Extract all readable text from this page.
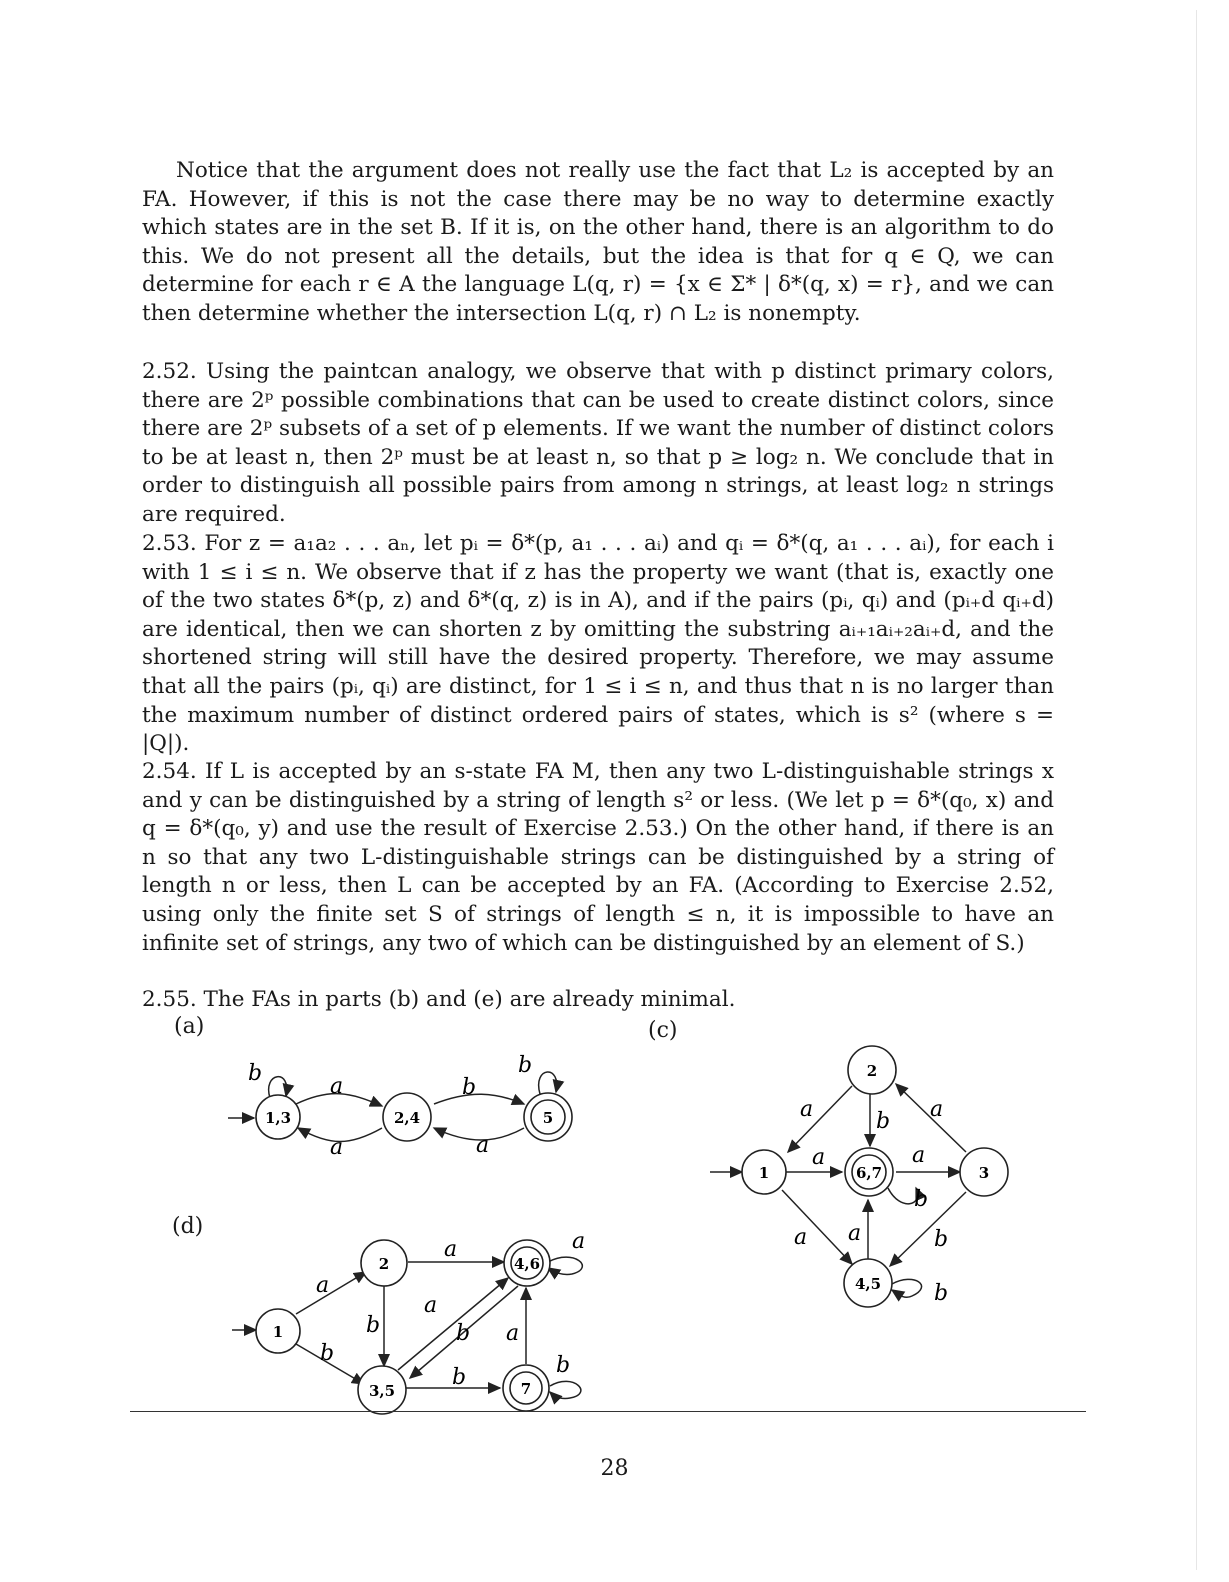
Notice that the argument does not really use the fact that L₂ is accepted by an FA. However, if this is not the case there may be no way to determine exactly which states are in the set B. If it is, on the other hand, there is an algorithm to do this. We do not present all the details, but the idea is that for q ∈ Q, we can determine for each r ∈ A the language L(q, r) = {x ∈ Σ* | δ*(q, x) = r}, and we can then determine whether the intersection L(q, r) ∩ L₂ is nonempty.

2.52. Using the paintcan analogy, we observe that with p distinct primary colors, there are 2ᵖ possible combinations that can be used to create distinct colors, since there are 2ᵖ subsets of a set of p elements. If we want the number of distinct colors to be at least n, then 2ᵖ must be at least n, so that p ≥ log₂ n. We conclude that in order to distinguish all possible pairs from among n strings, at least log₂ n strings are required.

2.53. For z = a₁a₂ . . . aₙ, let pᵢ = δ*(p, a₁ . . . aᵢ) and qᵢ = δ*(q, a₁ . . . aᵢ), for each i with 1 ≤ i ≤ n. We observe that if z has the property we want (that is, exactly one of the two states δ*(p, z) and δ*(q, z) is in A), and if the pairs (pᵢ, qᵢ) and (pᵢ₊d qᵢ₊d) are identical, then we can shorten z by omitting the substring aᵢ₊₁aᵢ₊₂aᵢ₊d, and the shortened string will still have the desired property. Therefore, we may assume that all the pairs (pᵢ, qᵢ) are distinct, for 1 ≤ i ≤ n, and thus that n is no larger than the maximum number of distinct ordered pairs of states, which is s² (where s = |Q|).

2.54. If L is accepted by an s-state FA M, then any two L-distinguishable strings x and y can be distinguished by a string of length s² or less. (We let p = δ*(q₀, x) and q = δ*(q₀, y) and use the result of Exercise 2.53.) On the other hand, if there is an n so that any two L-distinguishable strings can be distinguished by a string of length n or less, then L can be accepted by an FA. (According to Exercise 2.52, using only the finite set S of strings of length ≤ n, it is impossible to have an infinite set of strings, any two of which can be distinguished by an element of S.)

2.55. The FAs in parts (b) and (e) are already minimal.

(a)	(c)
(d)
1,3	2,4	5
b
a
a
b
a
b
1
2
6,7	3
4,5
a	a
b
a	a
b
a a	b
b
1
2	4,6
3,5	7
a
b
a	a
b
a
b a
b	b
28
